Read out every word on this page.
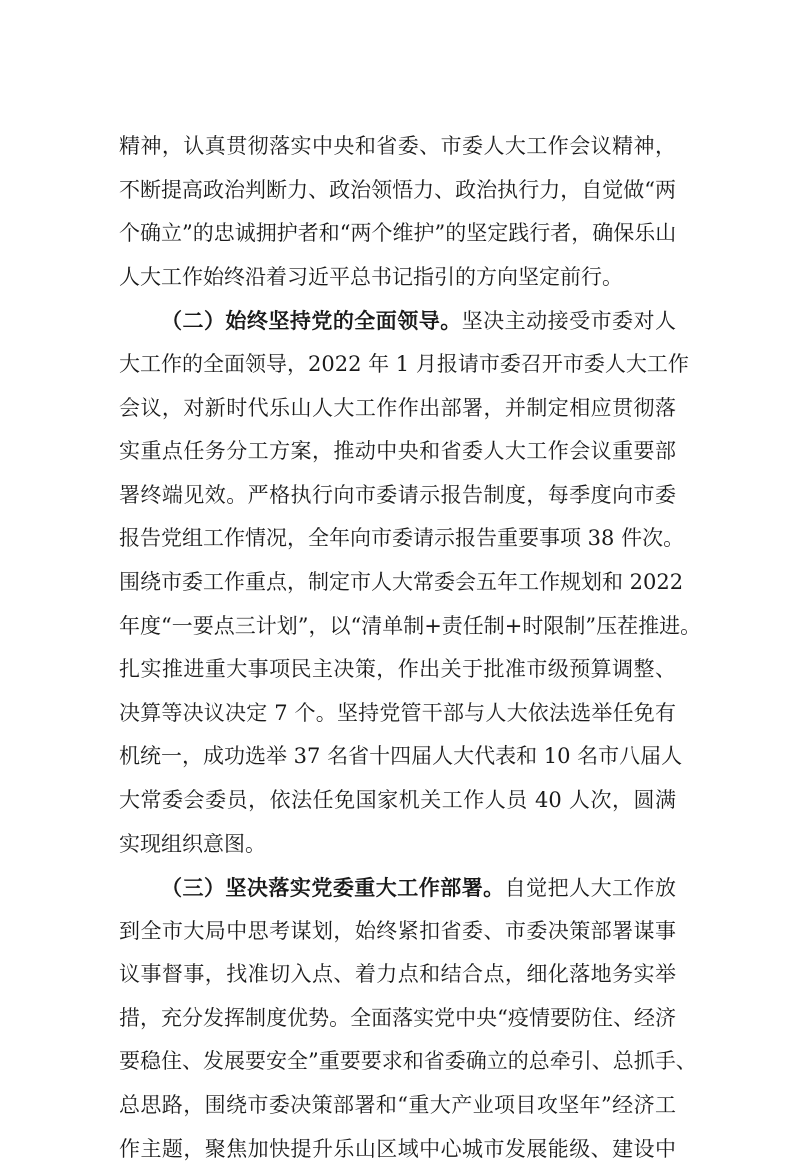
精神，认真贯彻落实中央和省委、市委人大工作会议精神，
不断提高政治判断力、政治领悟力、政治执行力，自觉做“两
个确立”的忠诚拥护者和“两个维护”的坚定践行者，确保乐山
人大工作始终沿着习近平总书记指引的方向坚定前行。
（二）始终坚持党的全面领导。坚决主动接受市委对人
大工作的全面领导，2022 年 1 月报请市委召开市委人大工作
会议，对新时代乐山人大工作作出部署，并制定相应贯彻落
实重点任务分工方案，推动中央和省委人大工作会议重要部
署终端见效。严格执行向市委请示报告制度，每季度向市委
报告党组工作情况，全年向市委请示报告重要事项 38 件次。
围绕市委工作重点，制定市人大常委会五年工作规划和 2022
年度“一要点三计划”，以“清单制+责任制+时限制”压茬推进。
扎实推进重大事项民主决策，作出关于批准市级预算调整、
决算等决议决定 7 个。坚持党管干部与人大依法选举任免有
机统一，成功选举 37 名省十四届人大代表和 10 名市八届人
大常委会委员，依法任免国家机关工作人员 40 人次，圆满
实现组织意图。
（三）坚决落实党委重大工作部署。自觉把人大工作放
到全市大局中思考谋划，始终紧扣省委、市委决策部署谋事
议事督事，找准切入点、着力点和结合点，细化落地务实举
措，充分发挥制度优势。全面落实党中央“疫情要防住、经济
要稳住、发展要安全”重要要求和省委确立的总牵引、总抓手、
总思路，围绕市委决策部署和“重大产业项目攻坚年”经济工
作主题，聚焦加快提升乐山区域中心城市发展能级、建设中
